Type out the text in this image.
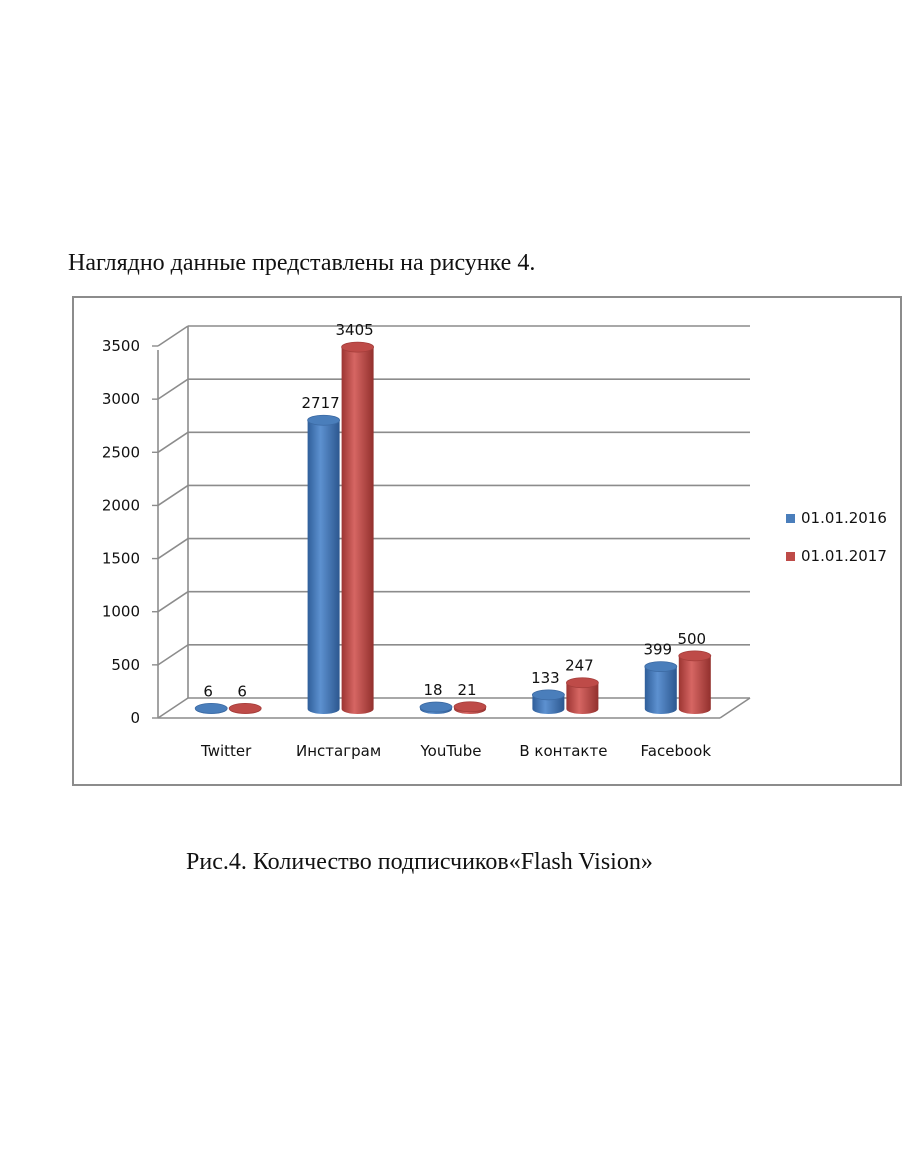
Наглядно данные представлены на рисунке 4.
0
500
1000
1500
2000
2500
3000
3500
6 6
Twitter
2717
3405
Инстаграм
18 21
YouTube
133
247
В контакте
399
500
Facebook
01.01.2016
01.01.2017
Рис.4. Количество подписчиков«Flash Vision»
